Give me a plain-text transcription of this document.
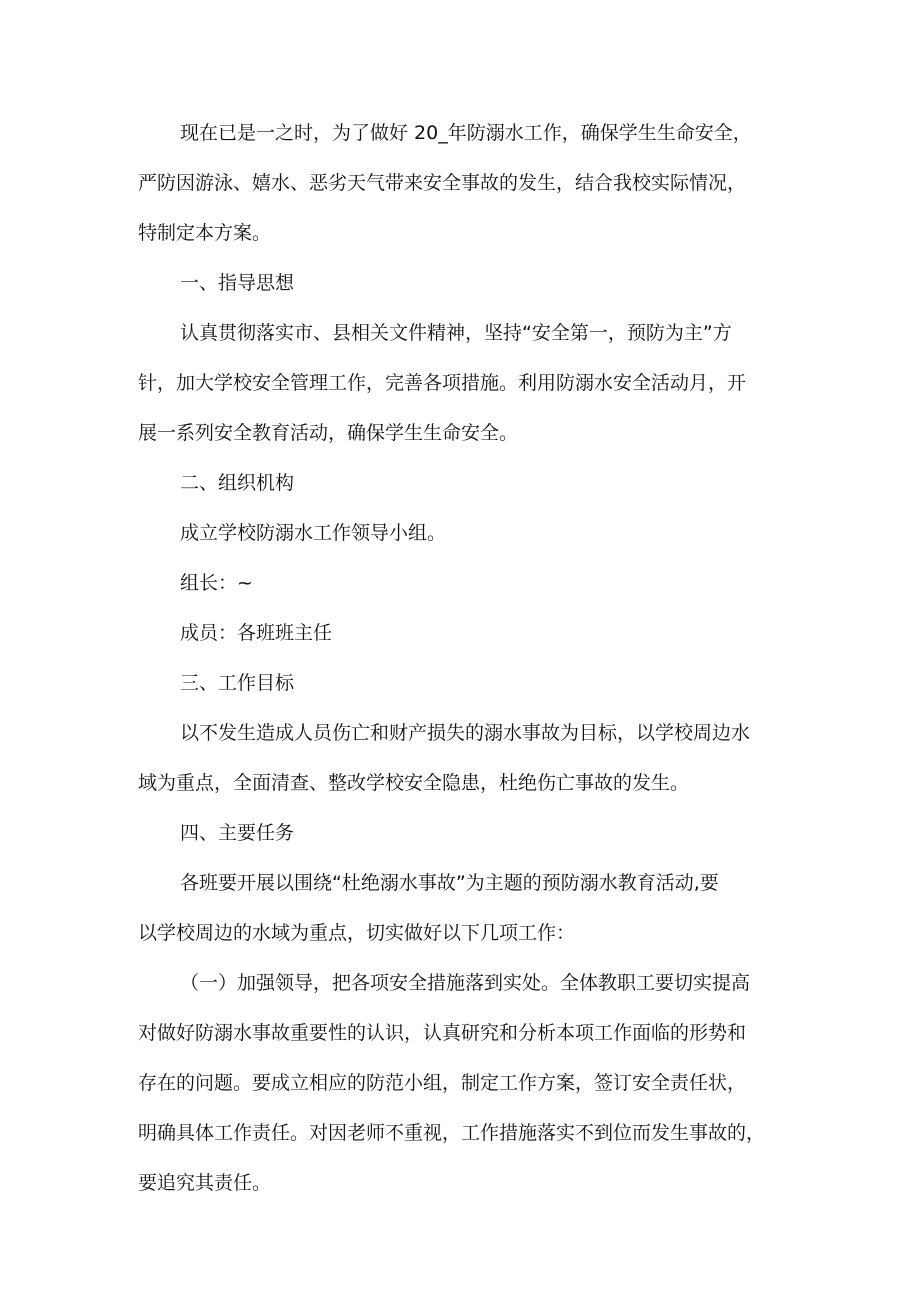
现在已是一之时，为了做好 20_年防溺水工作，确保学生生命安全，
严防因游泳、嬉水、恶劣天气带来安全事故的发生，结合我校实际情况，
特制定本方案。
一、指导思想
认真贯彻落实市、县相关文件精神，坚持“安全第一，预防为主”方
针，加大学校安全管理工作，完善各项措施。利用防溺水安全活动月，开
展一系列安全教育活动，确保学生生命安全。
二、组织机构
成立学校防溺水工作领导小组。
组长：~
成员：各班班主任
三、工作目标
以不发生造成人员伤亡和财产损失的溺水事故为目标，以学校周边水
域为重点，全面清查、整改学校安全隐患，杜绝伤亡事故的发生。
四、主要任务
各班要开展以围绕“杜绝溺水事故”为主题的预防溺水教育活动,要
以学校周边的水域为重点，切实做好以下几项工作：
（一）加强领导，把各项安全措施落到实处。全体教职工要切实提高
对做好防溺水事故重要性的认识，认真研究和分析本项工作面临的形势和
存在的问题。要成立相应的防范小组，制定工作方案，签订安全责任状，
明确具体工作责任。对因老师不重视，工作措施落实不到位而发生事故的，
要追究其责任。
